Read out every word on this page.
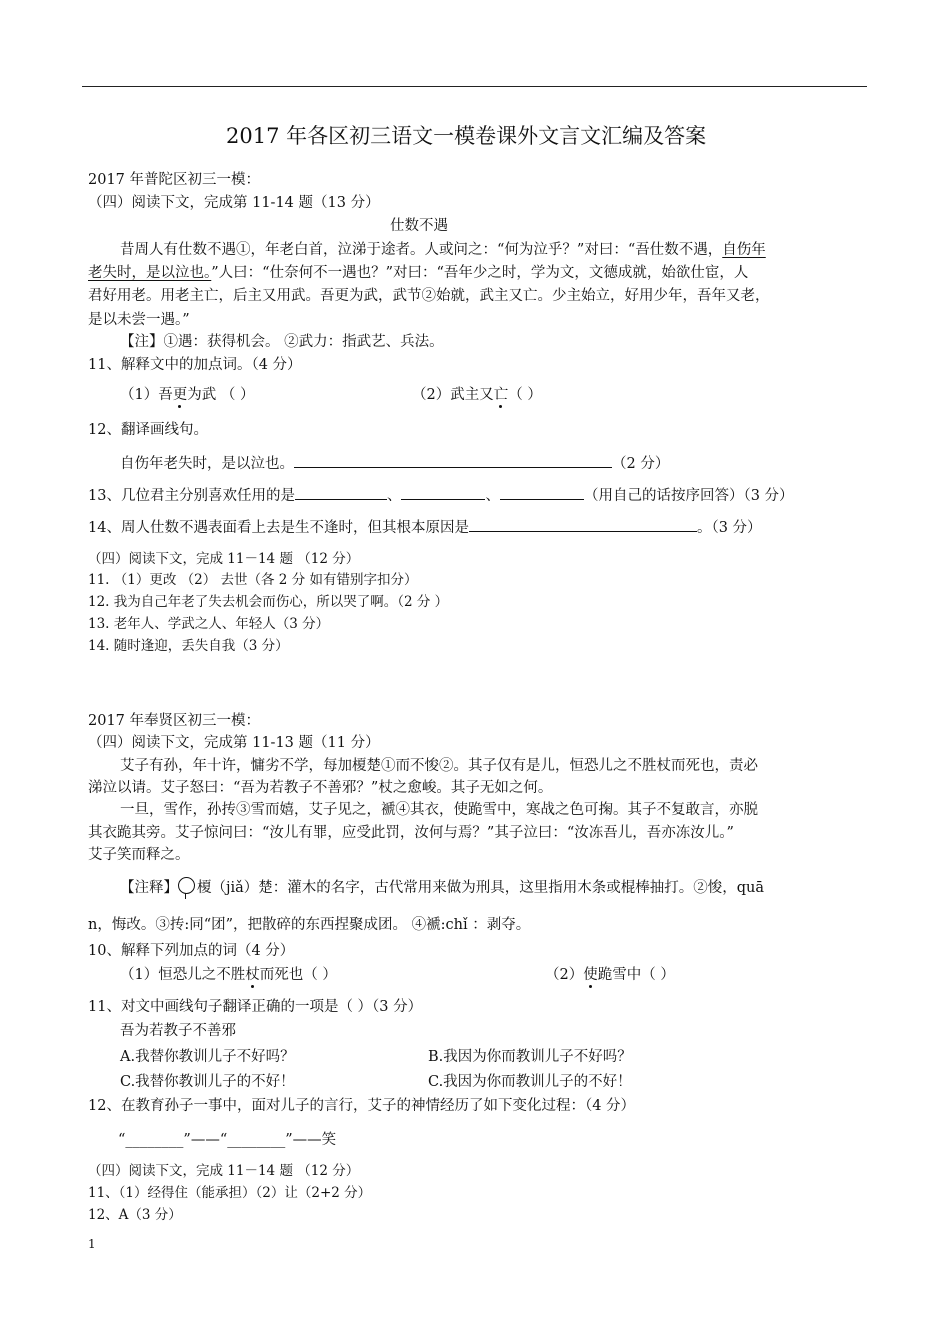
2017 年各区初三语文一模卷课外文言文汇编及答案
2017 年普陀区初三一模：
（四）阅读下文，完成第 11-14 题（13 分）
仕数不遇
昔周人有仕数不遇①，年老白首，泣涕于途者。人或问之：“何为泣乎？”对曰：“吾仕数不遇，自伤年
老失时，是以泣也。”人曰：“仕奈何不一遇也？”对曰：“吾年少之时，学为文，文德成就，始欲仕宦，人
君好用老。用老主亡，后主又用武。吾更为武，武节②始就，武主又亡。少主始立，好用少年，吾年又老，
是以未尝一遇。”
【注】①遇：获得机会。 ②武力：指武艺、兵法。
11、解释文中的加点词。（4 分）
（1）吾更为武 （ ）	（2）武主又亡（ ）
12、翻译画线句。
自伤年老失时，是以泣也。	（2 分）
13、几位君主分别喜欢任用的是	、	、	（用自己的话按序回答）（3 分）
14、周人仕数不遇表面看上去是生不逢时，但其根本原因是	。（3 分）
（四）阅读下文，完成 11－14 题 （12 分）
11. （1）更改 （2） 去世（各 2 分 如有错别字扣分）
12. 我为自己年老了失去机会而伤心，所以哭了啊。（2 分 ）
13. 老年人、学武之人、年轻人（3 分）
14. 随时逢迎，丢失自我（3 分）
2017 年奉贤区初三一模：
（四）阅读下文，完成第 11-13 题（11 分）
艾子有孙，年十许，慵劣不学，每加榎楚①而不悛②。其子仅有是儿，恒恐儿之不胜杖而死也，责必
涕泣以请。艾子怒曰：“吾为若教子不善邪？”杖之愈峻。其子无如之何。
一旦，雪作，孙抟③雪而嬉，艾子见之，褫④其衣，使跪雪中，寒战之色可掬。其子不复敢言，亦脱
其衣跪其旁。艾子惊问曰：“汝儿有罪，应受此罚，汝何与焉？”其子泣曰：“汝冻吾儿，吾亦冻汝儿。”
艾子笑而释之。
【注释】 榎（jiǎ）楚：灌木的名字，古代常用来做为刑具，这里指用木条或棍棒抽打。②悛，quā
n，悔改。③抟:同“团”，把散碎的东西捏聚成团。 ④褫:chǐ ：剥夺。
10、解释下列加点的词（4 分）
（1）恒恐儿之不胜杖而死也（ ）	（2）使跪雪中（ ）
11、对文中画线句子翻译正确的一项是（ ）（3 分）
吾为若教子不善邪
A.我替你教训儿子不好吗？	B.我因为你而教训儿子不好吗？
C.我替你教训儿子的不好！	C.我因为你而教训儿子的不好！
12、在教育孙子一事中，面对儿子的言行，艾子的神情经历了如下变化过程：（4 分）
“________”——“________”——笑
（四）阅读下文，完成 11－14 题 （12 分）
11、（1）经得住（能承担）（2）让（2+2 分）
12、A（3 分）
1
